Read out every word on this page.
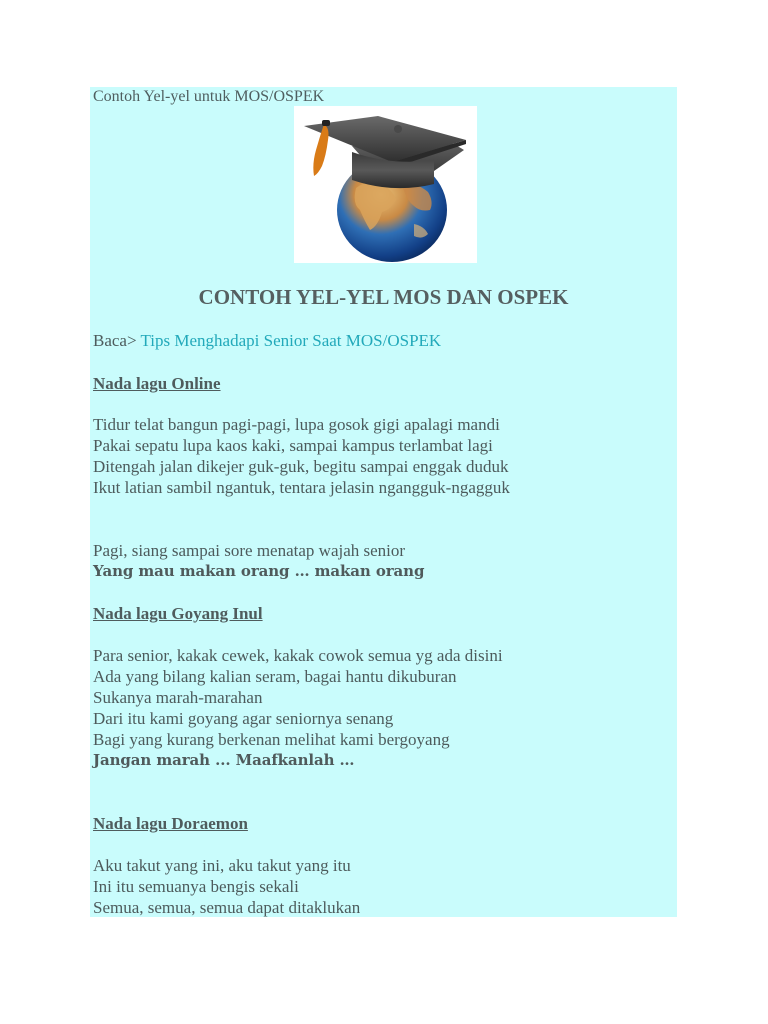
Contoh Yel-yel untuk MOS/OSPEK
CONTOH YEL-YEL MOS DAN OSPEK
Baca> Tips Menghadapi Senior Saat MOS/OSPEK
Nada lagu Online
Tidur telat bangun pagi-pagi, lupa gosok gigi apalagi mandi
Pakai sepatu lupa kaos kaki, sampai kampus terlambat lagi
Ditengah jalan dikejer guk-guk, begitu sampai enggak duduk
Ikut latian sambil ngantuk, tentara jelasin ngangguk-ngagguk
Pagi, siang sampai sore menatap wajah senior
Yang mau makan orang … makan orang
Nada lagu Goyang Inul
Para senior, kakak cewek, kakak cowok semua yg ada disini
Ada yang bilang kalian seram, bagai hantu dikuburan
Sukanya marah-marahan
Dari itu kami goyang agar seniornya senang
Bagi yang kurang berkenan melihat kami bergoyang
Jangan marah ... Maafkanlah …
Nada lagu Doraemon
Aku takut yang ini, aku takut yang itu
Ini itu semuanya bengis sekali
Semua, semua, semua dapat ditaklukan
